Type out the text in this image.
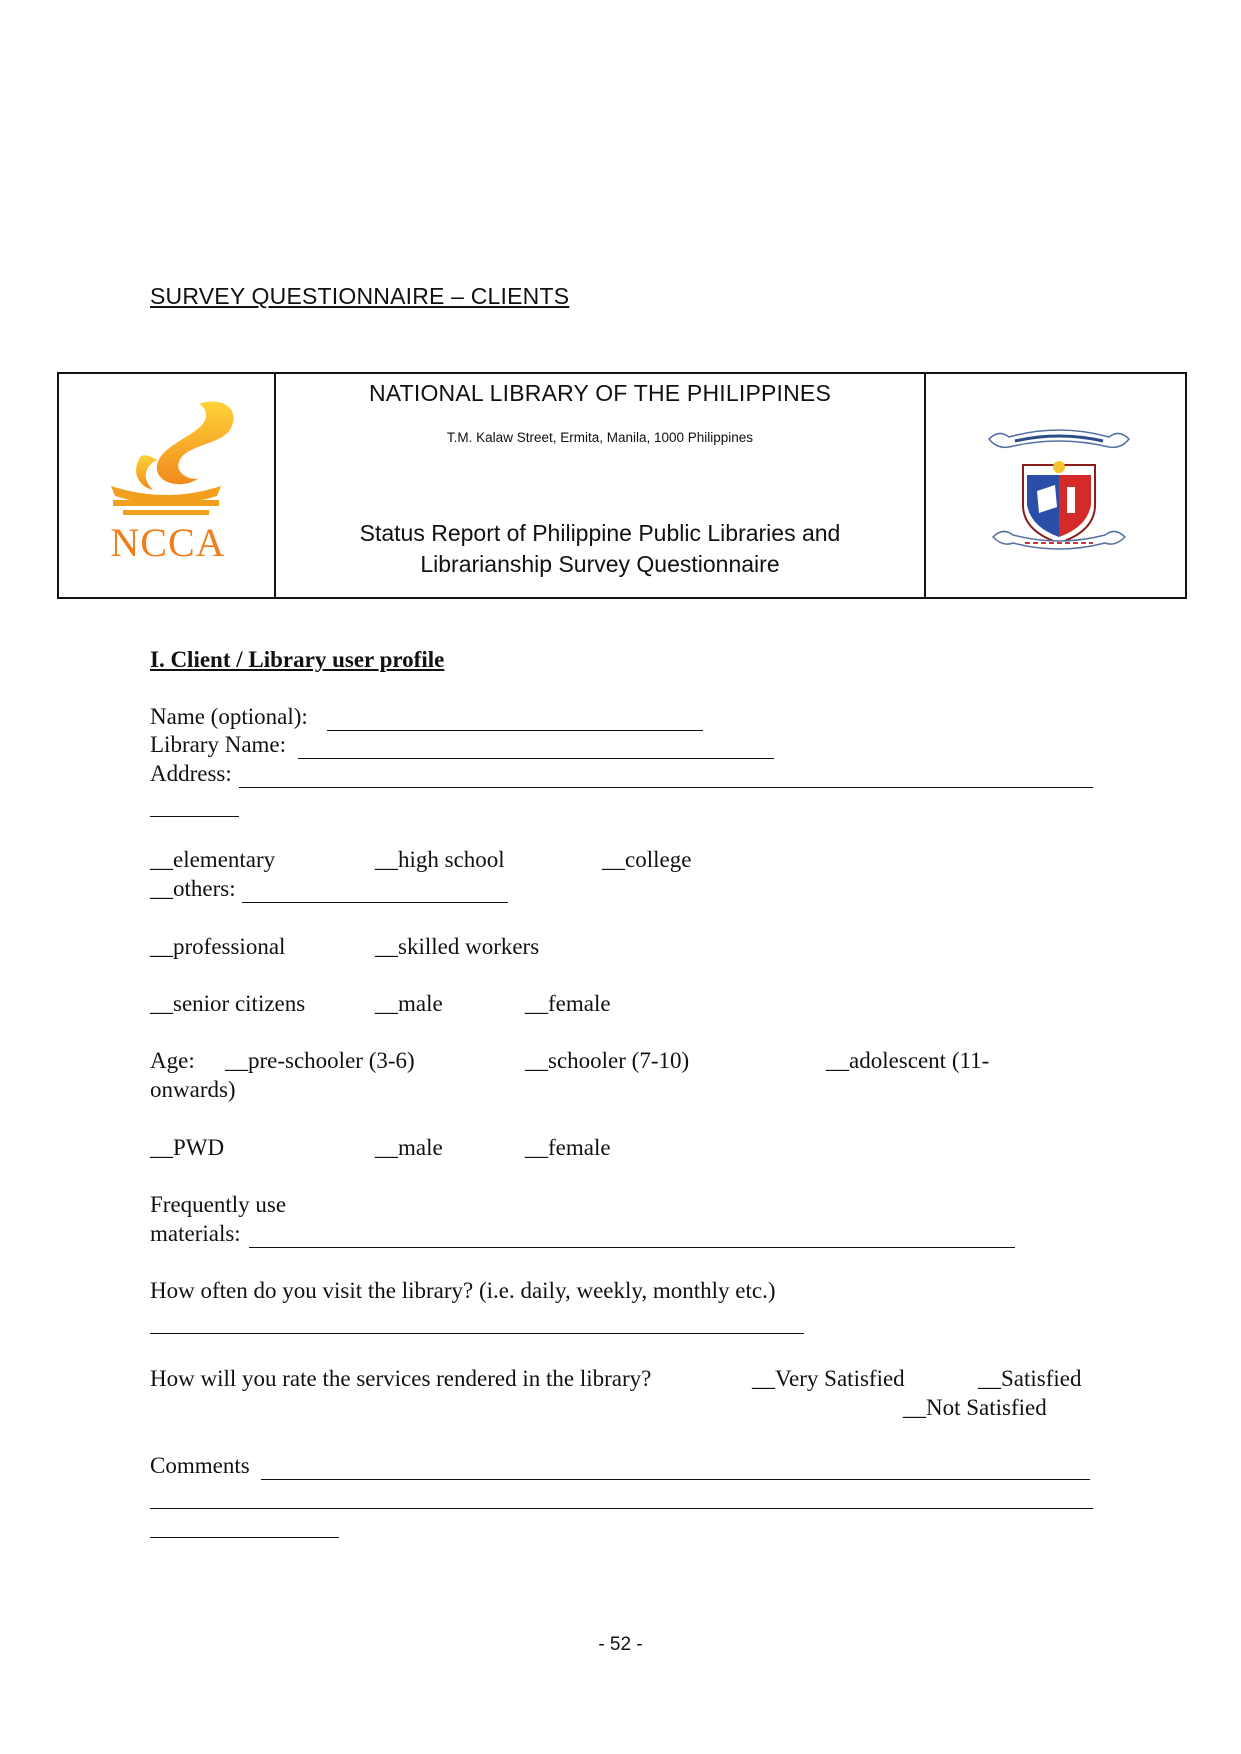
SURVEY QUESTIONNAIRE – CLIENTS
NCCA
NATIONAL LIBRARY OF THE PHILIPPINES
T.M. Kalaw Street, Ermita, Manila, 1000 Philippines
Status Report of Philippine Public Libraries and
Librarianship Survey Questionnaire
I. Client / Library user profile
Name (optional):
Library Name:
Address:
__elementary	__high school	__college
__others:
__professional	__skilled workers
__senior citizens	__male	__female
Age: __pre-schooler (3-6)	__schooler (7-10)	__adolescent (11-
onwards)
__PWD	__male	__female
Frequently use
materials:
How often do you visit the library? (i.e. daily, weekly, monthly etc.)
How will you rate the services rendered in the library?	__Very Satisfied	__Satisfied
__Not Satisfied
Comments
- 52 -
